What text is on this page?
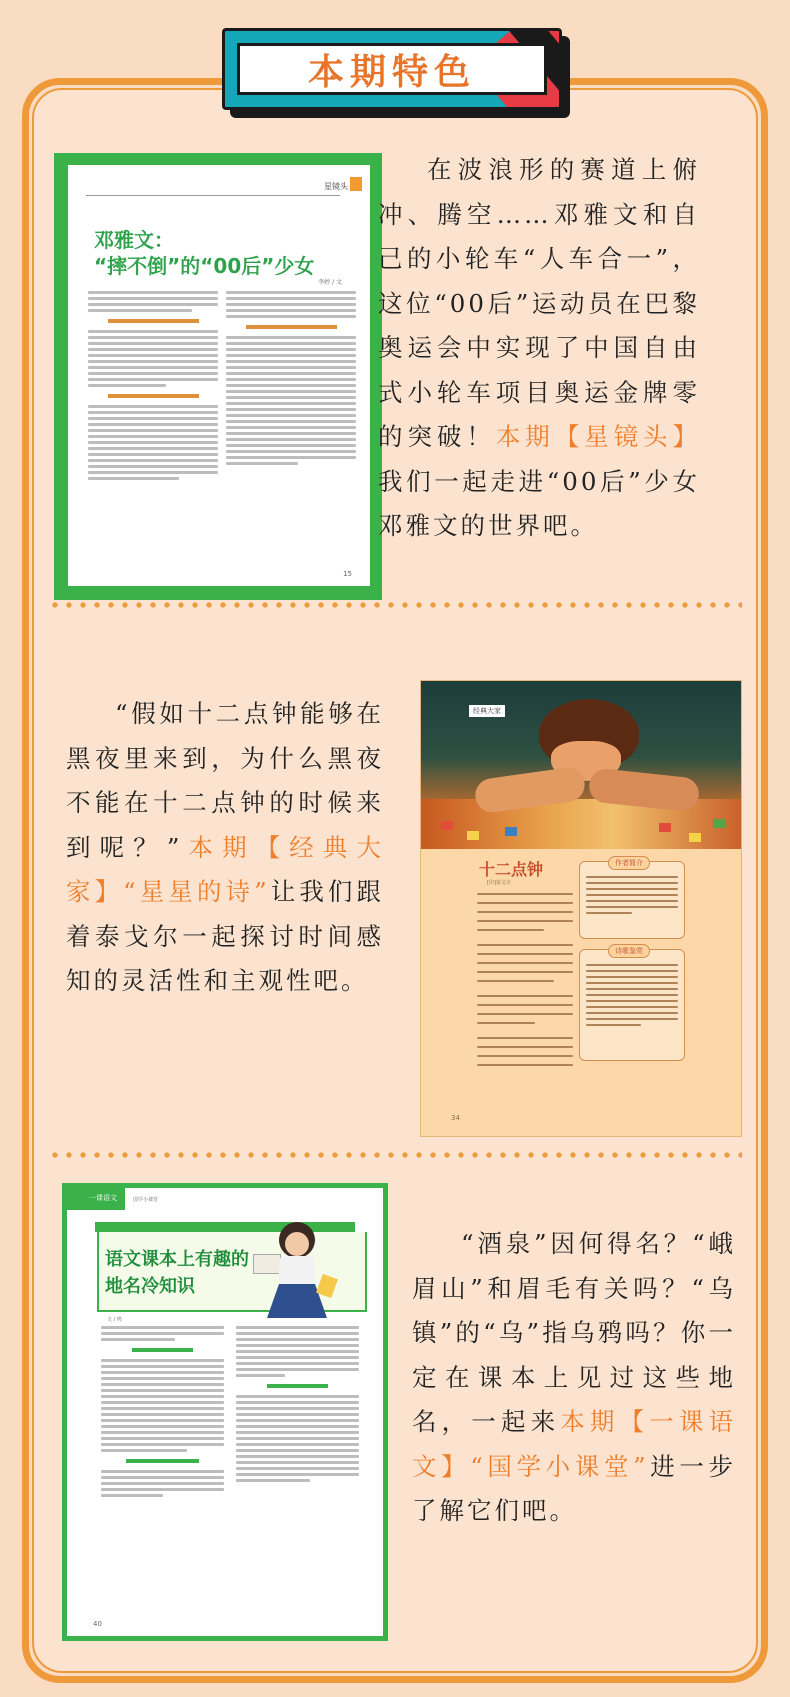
本期特色
星镜头
邓雅文：
“摔不倒”的“00后”少女
李婷 / 文
15
在波浪形的赛道上俯冲、腾空……邓雅文和自己的小轮车“人车合一”，这位“00后”运动员在巴黎奥运会中实现了中国自由式小轮车项目奥运金牌零的突破！本期【星镜头】我们一起走进“00后”少女邓雅文的世界吧。
“假如十二点钟能够在黑夜里来到，为什么黑夜不能在十二点钟的时候来到呢？”本期【经典大家】“星星的诗”让我们跟着泰戈尔一起探讨时间感知的灵活性和主观性吧。
经典大家
十二点钟
[印]泰戈尔
作者简介
诗歌鉴赏
34
一课语文	国学小课堂
语文课本上有趣的
地名冷知识
文 / 鸣
40
“酒泉”因何得名？“峨眉山”和眉毛有关吗？“乌镇”的“乌”指乌鸦吗？你一定在课本上见过这些地名，一起来本期【一课语文】“国学小课堂”进一步了解它们吧。
